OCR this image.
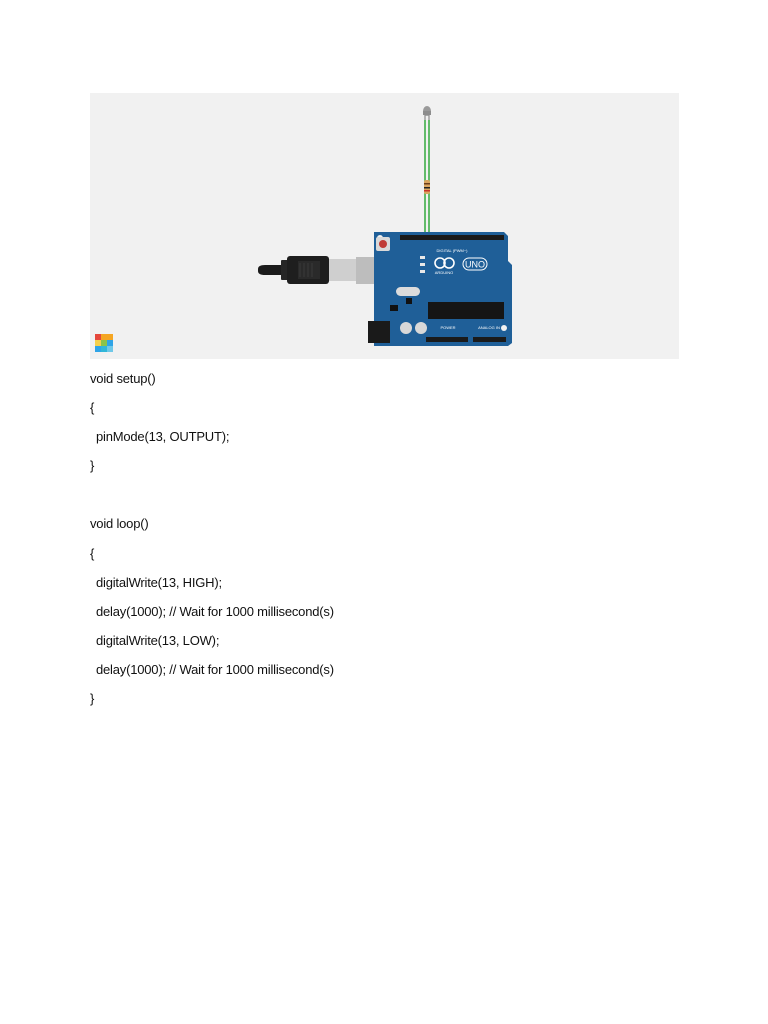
DIGITAL (PWM~)
ARDUINO
UNO
POWER	ANALOG IN
void setup()
{
pinMode(13, OUTPUT);
}
void loop()
{
digitalWrite(13, HIGH);
delay(1000); // Wait for 1000 millisecond(s)
digitalWrite(13, LOW);
delay(1000); // Wait for 1000 millisecond(s)
}
